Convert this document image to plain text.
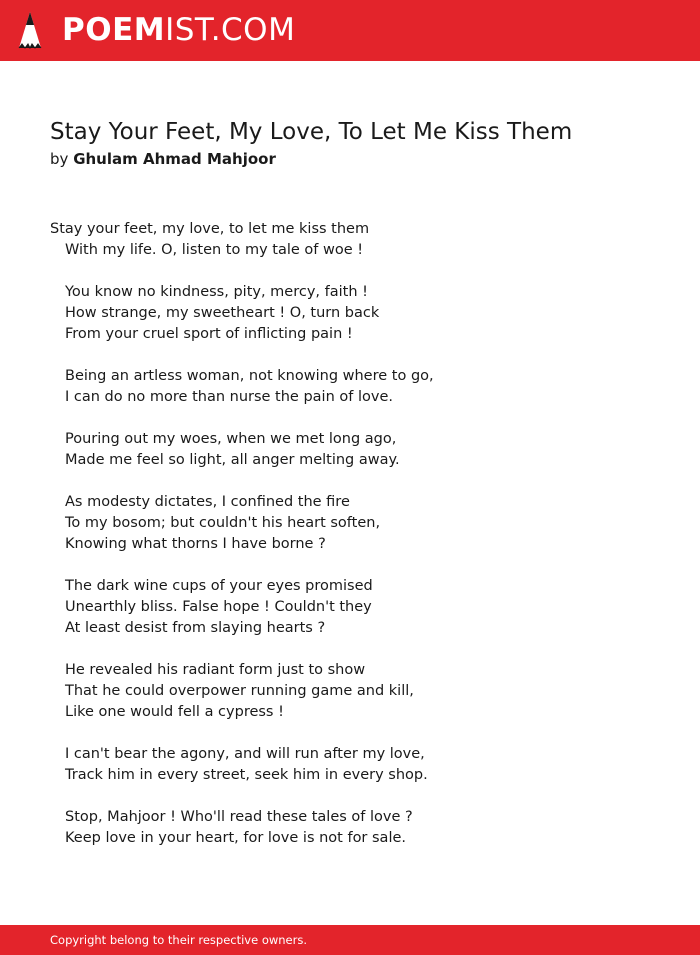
POEMIST.COM
Stay Your Feet, My Love, To Let Me Kiss Them
by Ghulam Ahmad Mahjoor
Stay your feet, my love, to let me kiss them
With my life. O, listen to my tale of woe !
You know no kindness, pity, mercy, faith !
How strange, my sweetheart ! O, turn back
From your cruel sport of inflicting pain !
Being an artless woman, not knowing where to go,
I can do no more than nurse the pain of love.
Pouring out my woes, when we met long ago,
Made me feel so light, all anger melting away.
As modesty dictates, I confined the fire
To my bosom; but couldn't his heart soften,
Knowing what thorns I have borne ?
The dark wine cups of your eyes promised
Unearthly bliss. False hope ! Couldn't they
At least desist from slaying hearts ?
He revealed his radiant form just to show
That he could overpower running game and kill,
Like one would fell a cypress !
I can't bear the agony, and will run after my love,
Track him in every street, seek him in every shop.
Stop, Mahjoor ! Who'll read these tales of love ?
Keep love in your heart, for love is not for sale.
Copyright belong to their respective owners.
